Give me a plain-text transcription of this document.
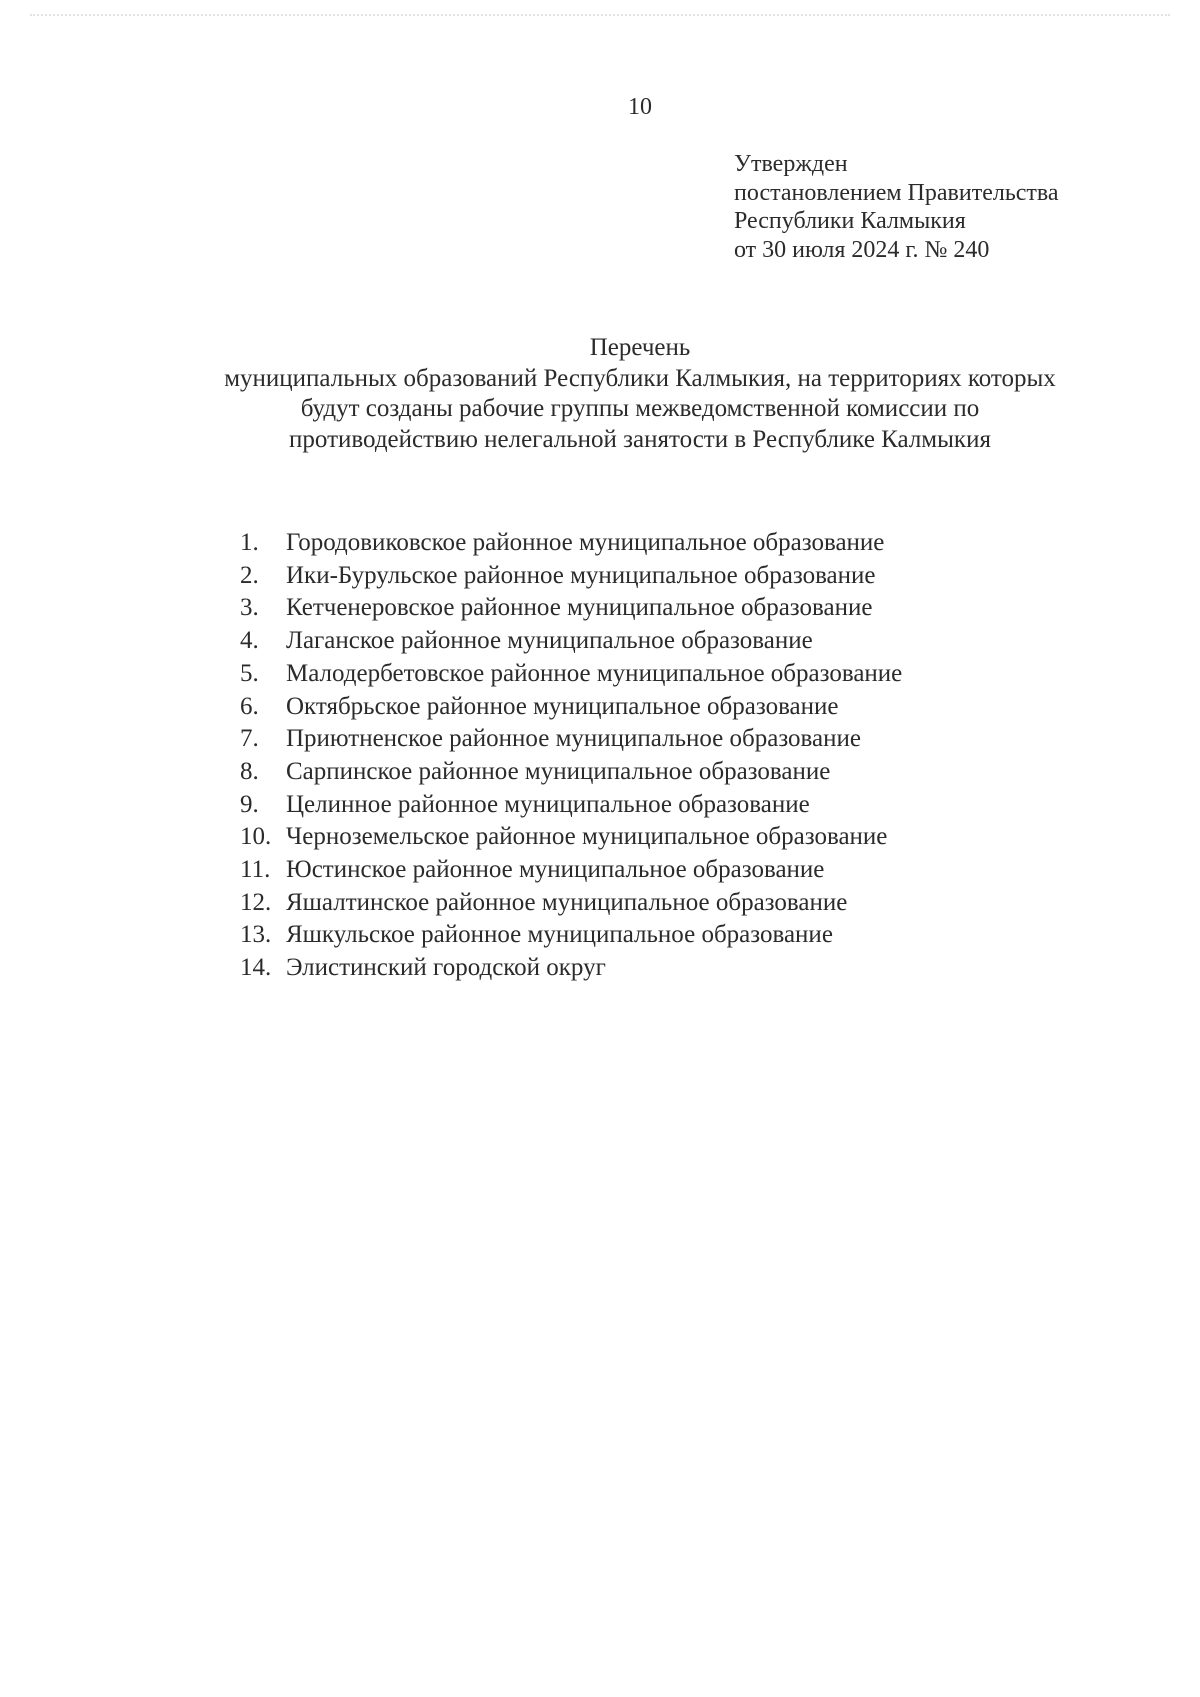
10
Утвержден
постановлением Правительства
Республики Калмыкия
от 30 июля 2024 г. № 240
Перечень
муниципальных образований Республики Калмыкия, на территориях которых
будут созданы рабочие группы межведомственной комиссии по
противодействию нелегальной занятости в Республике Калмыкия
1.	Городовиковское районное муниципальное образование
2.	Ики-Бурульское районное муниципальное образование
3.	Кетченеровское районное муниципальное образование
4.	Лаганское районное муниципальное образование
5.	Малодербетовское районное муниципальное образование
6.	Октябрьское районное муниципальное образование
7.	Приютненское районное муниципальное образование
8.	Сарпинское районное муниципальное образование
9.	Целинное районное муниципальное образование
10. Черноземельское районное муниципальное образование
11. Юстинское районное муниципальное образование
12. Яшалтинское районное муниципальное образование
13. Яшкульское районное муниципальное образование
14. Элистинский городской округ
